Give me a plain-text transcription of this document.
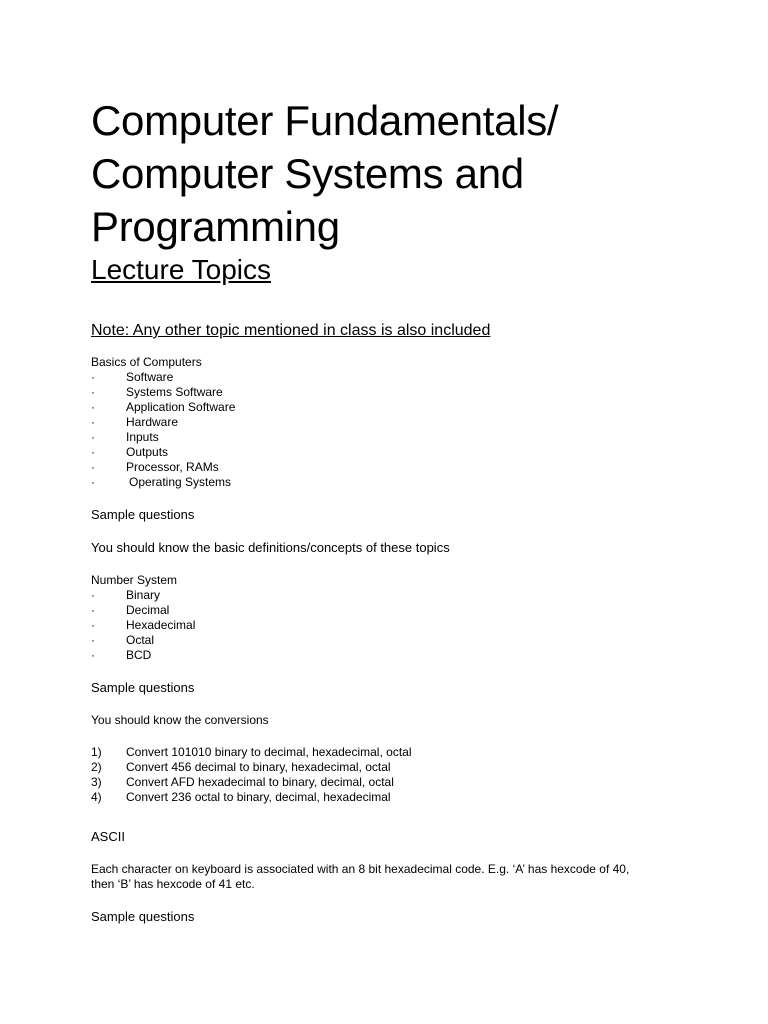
Computer Fundamentals/
Computer Systems and
Programming
Lecture Topics
Note: Any other topic mentioned in class is also included
Basics of Computers
·	Software
·	Systems Software
·	Application Software
·	Hardware
·	Inputs
·	Outputs
·	Processor, RAMs
·	Operating Systems
Sample questions
You should know the basic definitions/concepts of these topics
Number System
·	Binary
·	Decimal
·	Hexadecimal
·	Octal
·	BCD
Sample questions
You should know the conversions
1)	Convert 101010 binary to decimal, hexadecimal, octal
2)	Convert 456 decimal to binary, hexadecimal, octal
3)	Convert AFD hexadecimal to binary, decimal, octal
4)	Convert 236 octal to binary, decimal, hexadecimal
ASCII
Each character on keyboard is associated with an 8 bit hexadecimal code. E.g. ‘A’ has hexcode of 40,
then ‘B’ has hexcode of 41 etc.
Sample questions
